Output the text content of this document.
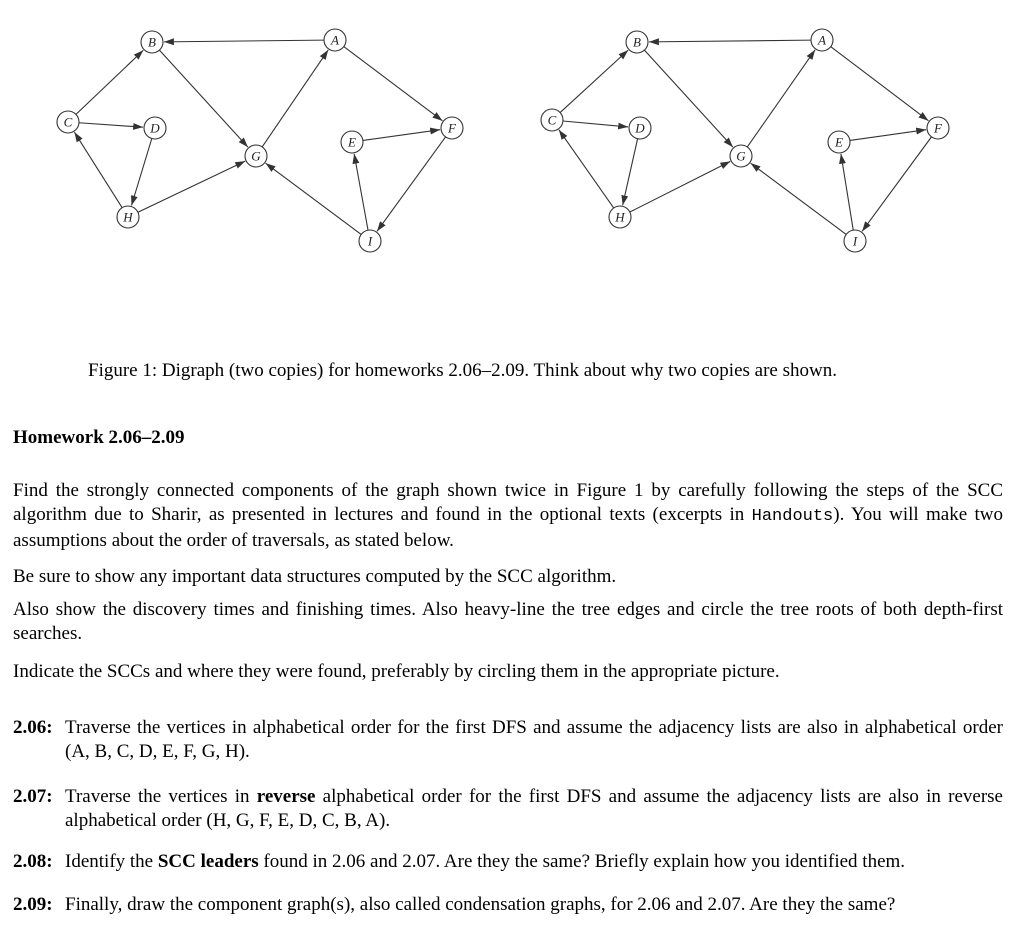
A
B
C	D
E
F
G
H
I
A
B
C
D
E
F
G
H
I
Figure 1: Digraph (two copies) for homeworks 2.06–2.09. Think about why two copies are shown.
Homework 2.06–2.09
Find the strongly connected components of the graph shown twice in Figure 1 by carefully following the steps of the SCC algorithm due to Sharir, as presented in lectures and found in the optional texts (excerpts in Handouts). You will make two assumptions about the order of traversals, as stated below.
Be sure to show any important data structures computed by the SCC algorithm.
Also show the discovery times and finishing times. Also heavy-line the tree edges and circle the tree roots of both depth-first searches.
Indicate the SCCs and where they were found, preferably by circling them in the appropriate picture.
2.06: Traverse the vertices in alphabetical order for the first DFS and assume the adjacency lists are also in alphabetical order (A, B, C, D, E, F, G, H).
2.07: Traverse the vertices in reverse alphabetical order for the first DFS and assume the adjacency lists are also in reverse alphabetical order (H, G, F, E, D, C, B, A).
2.08: Identify the SCC leaders found in 2.06 and 2.07. Are they the same? Briefly explain how you identified them.
2.09: Finally, draw the component graph(s), also called condensation graphs, for 2.06 and 2.07. Are they the same?
